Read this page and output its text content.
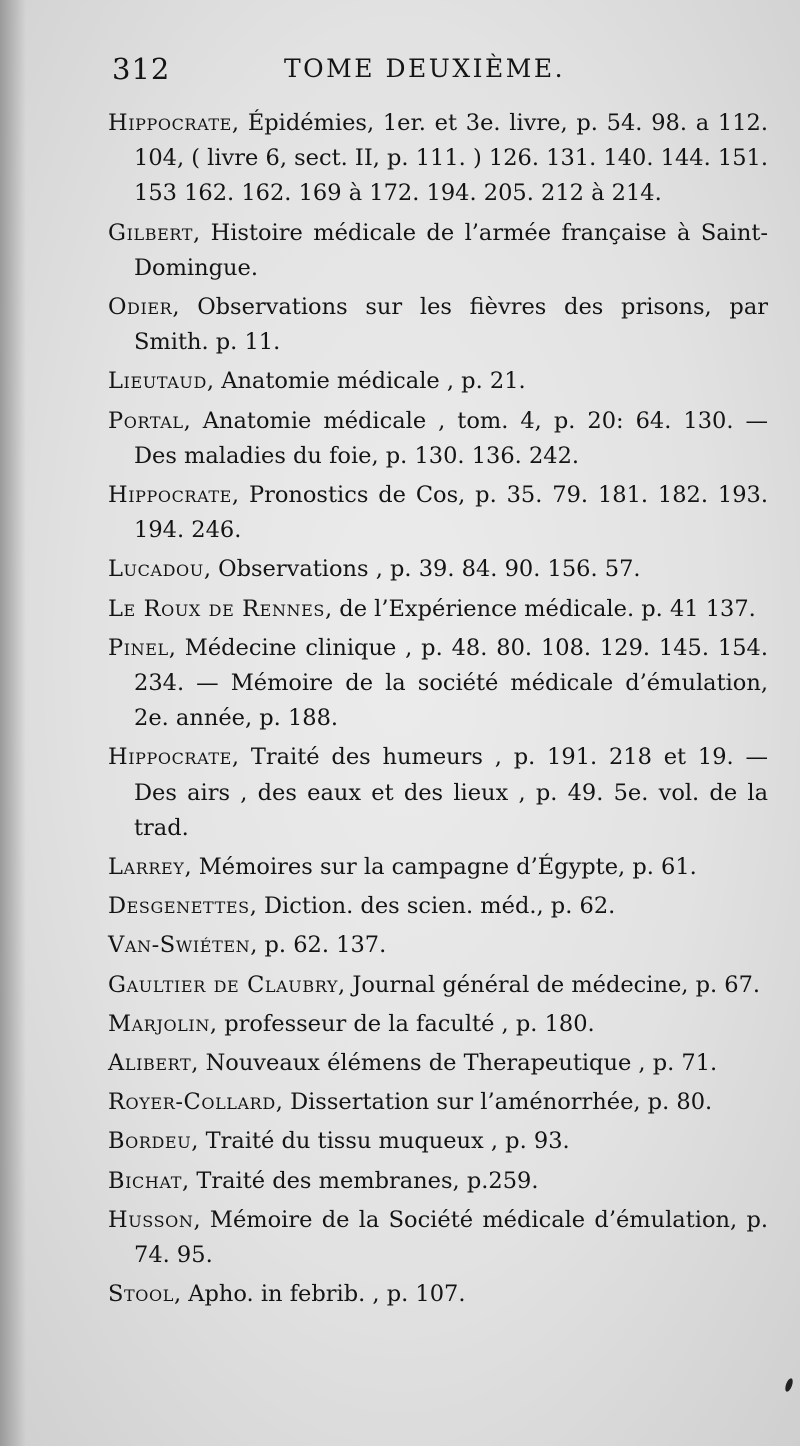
312	TOME DEUXIÈME.
Hippocrate, Épidémies, 1er. et 3e. livre, p. 54. 98. a 112. 104, ( livre 6, sect. II, p. 111. ) 126. 131. 140. 144. 151. 153 162. 162. 169 à 172. 194. 205. 212 à 214.
Gilbert, Histoire médicale de l’armée française à Saint-Domingue.
Odier, Observations sur les fièvres des prisons, par Smith. p. 11.
Lieutaud, Anatomie médicale , p. 21.
Portal, Anatomie médicale , tom. 4, p. 20: 64. 130. — Des maladies du foie, p. 130. 136. 242.
Hippocrate, Pronostics de Cos, p. 35. 79. 181. 182. 193. 194. 246.
Lucadou, Observations , p. 39. 84. 90. 156. 57.
Le Roux de Rennes, de l’Expérience médicale. p. 41 137.
Pinel, Médecine clinique , p. 48. 80. 108. 129. 145. 154. 234. — Mémoire de la société médicale d’émulation, 2e. année, p. 188.
Hippocrate, Traité des humeurs , p. 191. 218 et 19. — Des airs , des eaux et des lieux , p. 49. 5e. vol. de la trad.
Larrey, Mémoires sur la campagne d’Égypte, p. 61.
Desgenettes, Diction. des scien. méd., p. 62.
Van-Swiéten, p. 62. 137.
Gaultier de Claubry, Journal général de médecine, p. 67.
Marjolin, professeur de la faculté , p. 180.
Alibert, Nouveaux élémens de Therapeutique , p. 71.
Royer-Collard, Dissertation sur l’aménorrhée, p. 80.
Bordeu, Traité du tissu muqueux , p. 93.
Bichat, Traité des membranes, p.259.
Husson, Mémoire de la Société médicale d’émulation, p. 74. 95.
Stool, Apho. in febrib. , p. 107.
